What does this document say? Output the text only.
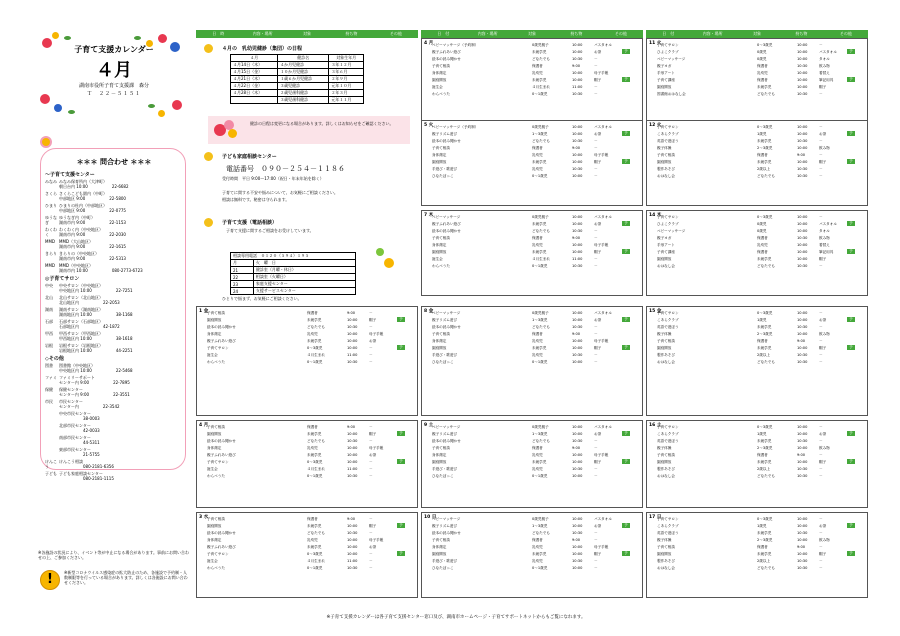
子育て支援カレンダー
４月
湖南市役所子育て支援課　森分
Ｔ　２２－５１５１
＊＊＊ 問合わせ ＊＊＊
～子育て支援センター
みなみ みなみ保育所内（大津町）
朝日台内 10:00	22-6682
さくら さくらこども園内（中町）
中部地区 9:00	22-5800
ひまり ひまりの杜内（中部地区）
中部地区 9:00	22-0775
ゆうなぎ
ゆうなぎ内（中町）
湖南市内 9:00	22-1153
わくわく
わくわく内（中央地区）
湖南市内 9:00	22-2030
MMD	MMD（大山地区）
湖南市内 9:00	22-1615
きらり きらりの（中央地区）
湖南市内 9:00	22-5313
MMD	MMD（中央地区）
湖南市内 10:00	080-2773-6723
◎子育てサロン
中央	中央サロン（中央地区）
中央地区内 10:00	22-7251
北山	北山サロン（北山地区）
北山地区内	22-2053
湖南	湖南サロン（湖南地区）
湖南地区内 10:00	38-1168
石部	石部サロン（石部地区）
石部地区内	42-1872
甲西	甲西サロン（甲西地区）
甲西地区内 10:00	38-1618
岩根	岩根サロン（岩根地区）
岩根地区内 10:00	44-2251
◇その他
図書	図書館（中央地区）
中央地区内 10:00	22-5468
ファミ ファミリーサポート
センター内 9:00	22-7895
保健	保健センター
センター内 9:00	22-3551
市民	市民センター
センター内	22-3542
中央市民センター
38-0003
北部市民センター
42-0033
南部市民センター
44-5311
東部市民センター
21-5755
けんこう
けんこう相談
080-2181-6356
子ども 子ども家庭相談センター
080-2181-1115
※各施設の状況により、イベント等が中止になる場合があります。事前にお問い合わせの上、ご参加ください。
!	※新型コロナウイルス感染症の拡大防止のため、各施設で予約制・人数制限等を行っている場合があります。詳しくは各施設にお問い合わせください。
日　時	内容・場所	対象	持ち物	その他
４月の　乳幼児健診（集団）の日程
４月	健診名	対象生年月
４月14日（木）	４か月児健診	３年１２月
４月15日（金）	１０か月児健診	３年６月
４月21日（木）	１歳６か月児健診	２年９月
４月22日（金）	３歳児健診	元年１０月
４月28日（木）	２歳児歯科健診	２年３月
	３歳児歯科健診	元年１１月
健診の日程は変更になる場合があります。詳しくはお知らせをご確認ください。
子ども家庭相談センター
電話番号　０９０－２５４－１１８６
受付時間　平日 9:00～17:00（祝日・年末年始を除く）
子育てに関する不安や悩みについて、お気軽にご相談ください。
相談は無料です。秘密は守られます。
子育て支援（電話相談）
子育て支援に関するご相談をお受けしています。
相談専用電話　０１２０（５９４）１９５	
月	火　曜　日
21	健診室（月曜・休日）
22	相談室（火曜日）
23	家庭支援センター
24	支援サービスセンター
ひとりで悩まず、お気軽にご相談ください。
日　付	内容・場所	対象	持ち物	その他	日　付	内容・場所	対象	持ち物	その他
4 月
ベビーマッサージ（予約制）	0歳児親子	10:00	バスタオル
親子ふれあい遊び	未就学児	10:00	お茶	予
絵本の読み聞かせ	どなたでも	10:30	－
子育て相談	保護者	9:00	－
身体測定	乳幼児	10:00	母子手帳
園庭開放	未就学児	10:00	帽子	予
誕生会	４月生まれ	11:00	－
わらべうた	0～1歳児	10:30	－
11 火
子育てサロン	0～3歳児	10:00	－
ひよこクラブ	0歳児	10:00	バスタオル	予
ベビーマッサージ	0歳児	10:00	タオル
親子ヨガ	保護者	10:30	飲み物
手形アート	乳幼児	10:00	着替え
子育て講座	保護者	10:00	筆記用具	予
園庭開放	未就学児	10:00	帽子
図書館おはなし会	どなたでも	10:30	－
5 火
ベビーマッサージ（予約制）	0歳児親子	10:00	バスタオル
親子リズム遊び	1～3歳児	10:00	お茶	予
絵本の読み聞かせ	どなたでも	10:30	－
子育て相談	保護者	9:00	－
身体測定	乳幼児	10:00	母子手帳
園庭開放	未就学児	10:00	帽子	予
手遊び・歌遊び	乳幼児	10:30	－
ひなたぼっこ	0～1歳児	10:00	－
12 火
子育てサロン	0～3歳児	10:00	－
こあらクラブ	1歳児	10:00	お茶	予
英語で遊ぼう	未就学児	10:30	－
親子体操	2～3歳児	10:00	飲み物
子育て相談	保護者	9:00	－
園庭開放	未就学児	10:00	帽子	予
製作あそび	2歳以上	10:30	－
おはなし会	どなたでも	10:30	－
7 木
ベビーマッサージ	0歳児親子	10:00	バスタオル
親子ふれあい遊び	未就学児	10:00	お茶	予
絵本の読み聞かせ	どなたでも	10:30	－
子育て相談	保護者	9:00	－
身体測定	乳幼児	10:00	母子手帳
園庭開放	未就学児	10:00	帽子	予
誕生会	４月生まれ	11:00	－
わらべうた	0～1歳児	10:30	－
14 木
子育てサロン	0～3歳児	10:00	－
ひよこクラブ	0歳児	10:00	バスタオル	予
ベビーマッサージ	0歳児	10:00	タオル
親子ヨガ	保護者	10:30	飲み物
手形アート	乳幼児	10:00	着替え
子育て講座	保護者	10:00	筆記用具	予
園庭開放	未就学児	10:00	帽子
おはなし会	どなたでも	10:30	－
1 金
子育て相談	保護者	9:00	－
園庭開放	未就学児	10:00	帽子	予
絵本の読み聞かせ	どなたでも	10:30	－
身体測定	乳幼児	10:00	母子手帳
親子ふれあい遊び	未就学児	10:00	お茶
子育てサロン	0～3歳児	10:00	－	予
誕生会	４月生まれ	11:00	－
わらべうた	0～1歳児	10:30	－
8 金
ベビーマッサージ	0歳児親子	10:00	バスタオル
親子リズム遊び	1～3歳児	10:00	お茶	予
絵本の読み聞かせ	どなたでも	10:30	－
子育て相談	保護者	9:00	－
身体測定	乳幼児	10:00	母子手帳
園庭開放	未就学児	10:00	帽子	予
手遊び・歌遊び	乳幼児	10:30	－
ひなたぼっこ	0～1歳児	10:00	－
15 金
子育てサロン	0～3歳児	10:00	－
こあらクラブ	1歳児	10:00	お茶	予
英語で遊ぼう	未就学児	10:30	－
親子体操	2～3歳児	10:00	飲み物
子育て相談	保護者	9:00	－
園庭開放	未就学児	10:00	帽子	予
製作あそび	2歳以上	10:30	－
おはなし会	どなたでも	10:30	－
4 月
子育て相談	保護者	9:00	－
園庭開放	未就学児	10:00	帽子	予
絵本の読み聞かせ	どなたでも	10:30	－
身体測定	乳幼児	10:00	母子手帳
親子ふれあい遊び	未就学児	10:00	お茶
子育てサロン	0～3歳児	10:00	－	予
誕生会	４月生まれ	11:00	－
わらべうた	0～1歳児	10:30	－
9 土
ベビーマッサージ	0歳児親子	10:00	バスタオル
親子リズム遊び	1～3歳児	10:00	お茶	予
絵本の読み聞かせ	どなたでも	10:30	－
子育て相談	保護者	9:00	－
身体測定	乳幼児	10:00	母子手帳
園庭開放	未就学児	10:00	帽子	予
手遊び・歌遊び	乳幼児	10:30	－
ひなたぼっこ	0～1歳児	10:00	－
16 土
子育てサロン	0～3歳児	10:00	－
こあらクラブ	1歳児	10:00	お茶	予
英語で遊ぼう	未就学児	10:30	－
親子体操	2～3歳児	10:00	飲み物
子育て相談	保護者	9:00	－
園庭開放	未就学児	10:00	帽子	予
製作あそび	2歳以上	10:30	－
おはなし会	どなたでも	10:30	－
3 水
子育て相談	保護者	9:00	－
園庭開放	未就学児	10:00	帽子	予
絵本の読み聞かせ	どなたでも	10:30	－
身体測定	乳幼児	10:00	母子手帳
親子ふれあい遊び	未就学児	10:00	お茶
子育てサロン	0～3歳児	10:00	－	予
誕生会	４月生まれ	11:00	－
わらべうた	0～1歳児	10:30	－
10 日
ベビーマッサージ	0歳児親子	10:00	バスタオル
親子リズム遊び	1～3歳児	10:00	お茶	予
絵本の読み聞かせ	どなたでも	10:30	－
子育て相談	保護者	9:00	－
身体測定	乳幼児	10:00	母子手帳
園庭開放	未就学児	10:00	帽子	予
手遊び・歌遊び	乳幼児	10:30	－
ひなたぼっこ	0～1歳児	10:00	－
17 日
子育てサロン	0～3歳児	10:00	－
こあらクラブ	1歳児	10:00	お茶	予
英語で遊ぼう	未就学児	10:30	－
親子体操	2～3歳児	10:00	飲み物
子育て相談	保護者	9:00	－
園庭開放	未就学児	10:00	帽子	予
製作あそび	2歳以上	10:30	－
おはなし会	どなたでも	10:30	－
※子育て支援カレンダーは各子育て支援センター窓口及び、湖南市ホームページ・子育てサポートネットからもご覧になれます。
